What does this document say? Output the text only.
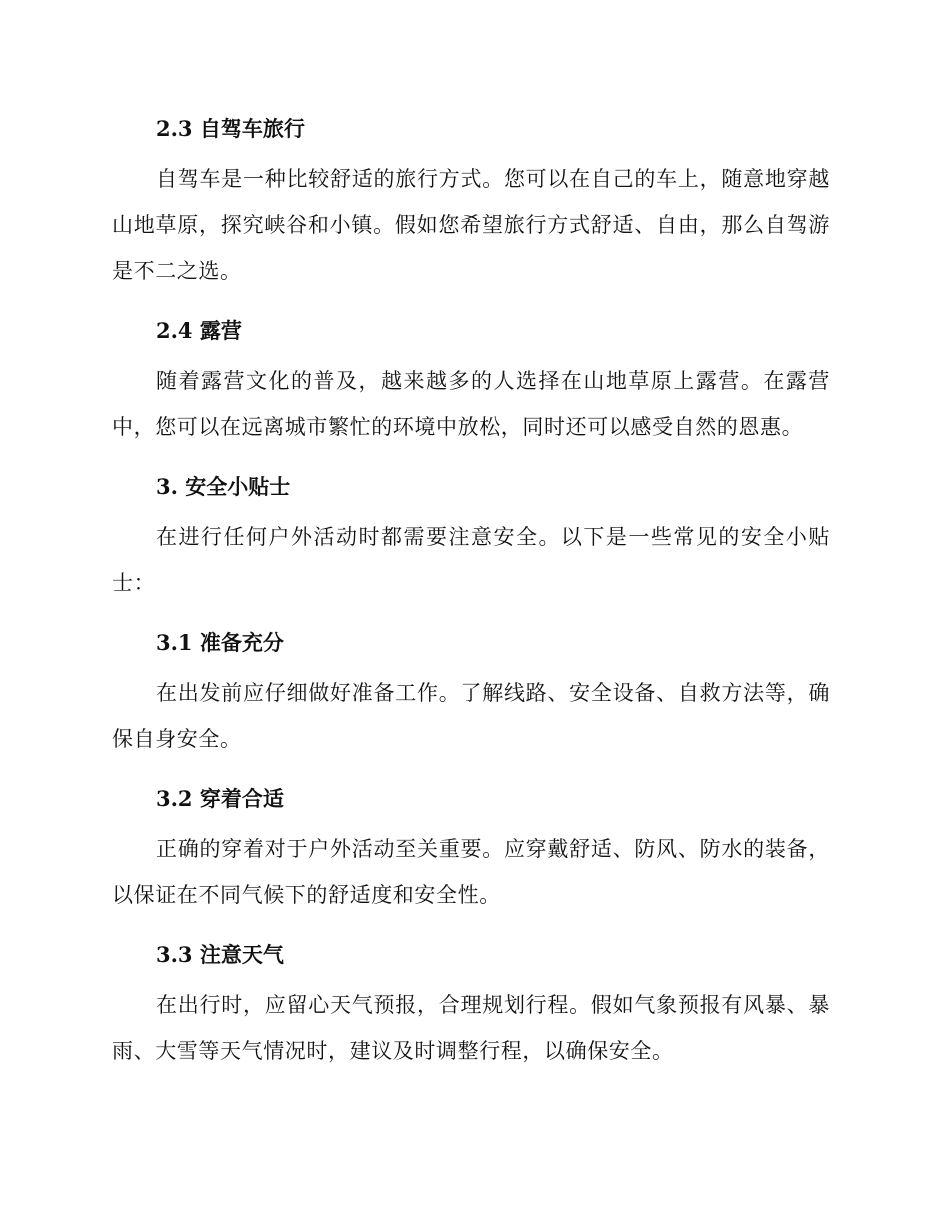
2.3 自驾车旅行

自驾车是一种比较舒适的旅行方式。您可以在自己的车上，随意地穿越山地草原，探究峡谷和小镇。假如您希望旅行方式舒适、自由，那么自驾游是不二之选。

2.4 露营

随着露营文化的普及，越来越多的人选择在山地草原上露营。在露营中，您可以在远离城市繁忙的环境中放松，同时还可以感受自然的恩惠。

3. 安全小贴士

在进行任何户外活动时都需要注意安全。以下是一些常见的安全小贴士：

3.1 准备充分

在出发前应仔细做好准备工作。了解线路、安全设备、自救方法等，确保自身安全。

3.2 穿着合适

正确的穿着对于户外活动至关重要。应穿戴舒适、防风、防水的装备，以保证在不同气候下的舒适度和安全性。

3.3 注意天气

在出行时，应留心天气预报，合理规划行程。假如气象预报有风暴、暴雨、大雪等天气情况时，建议及时调整行程，以确保安全。
